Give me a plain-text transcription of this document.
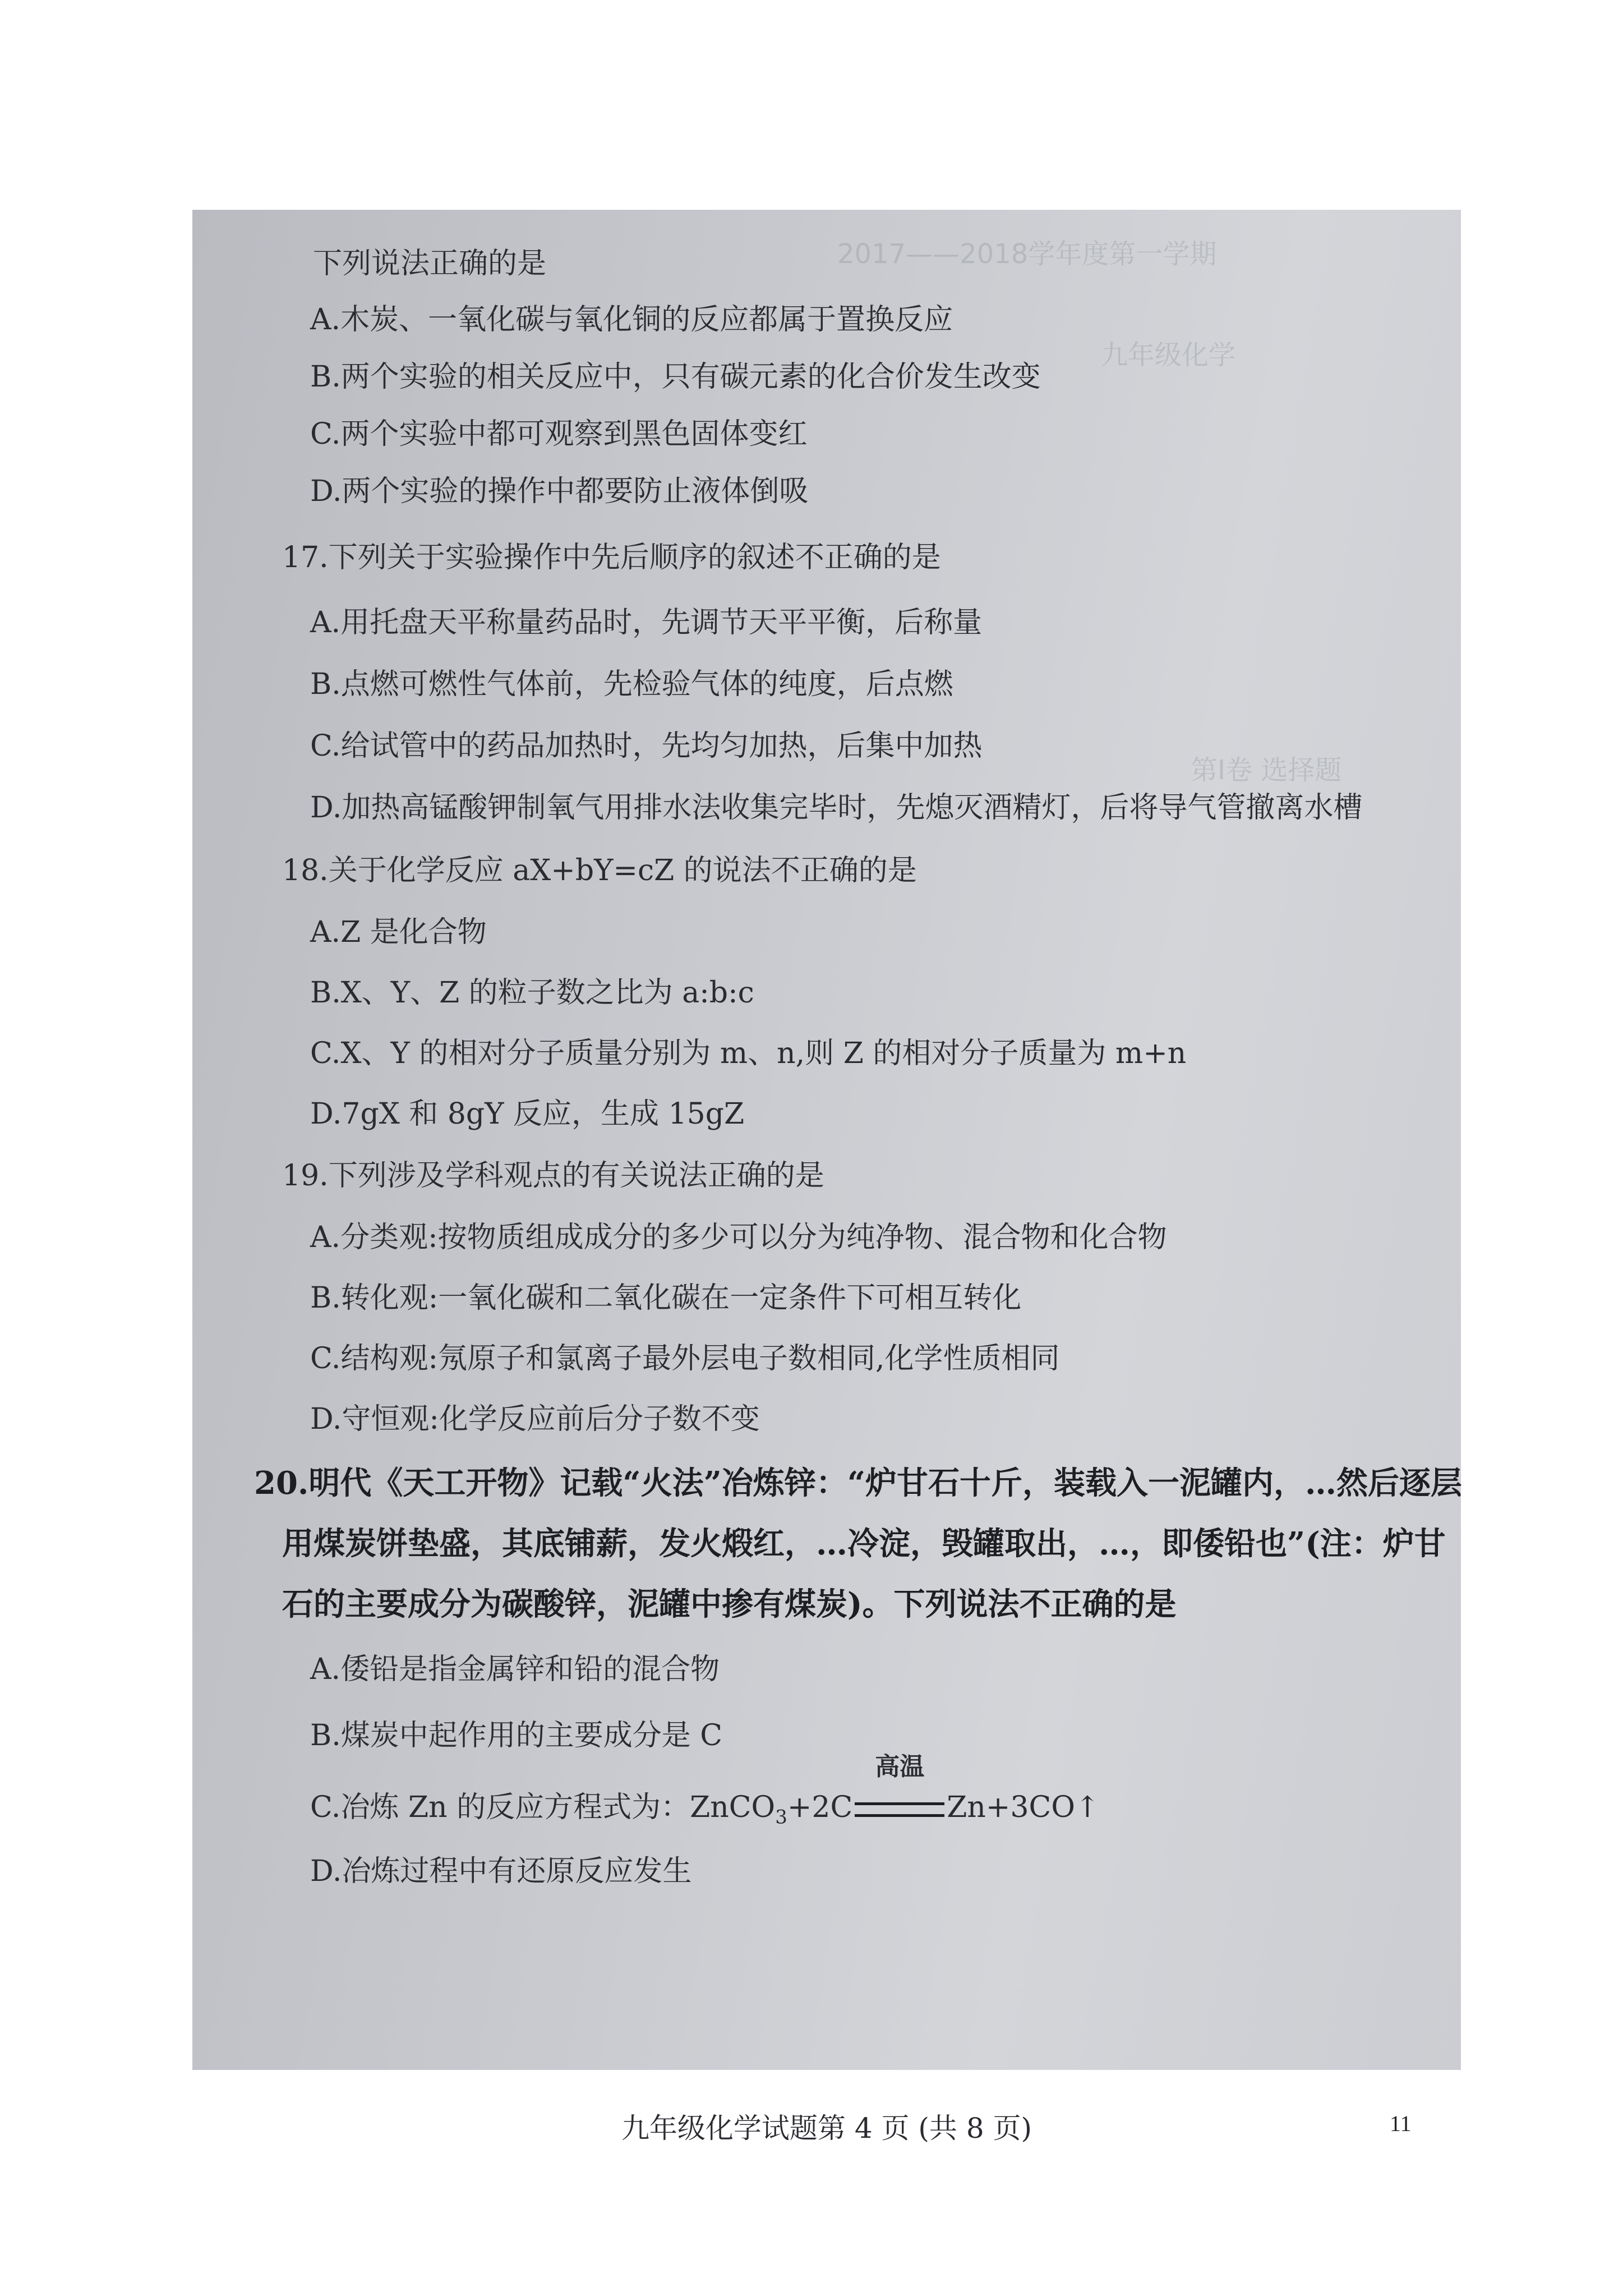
2017——2018学年度第一学期
九年级化学
第Ⅰ卷 选择题
下列说法正确的是
A.木炭、一氧化碳与氧化铜的反应都属于置换反应
B.两个实验的相关反应中，只有碳元素的化合价发生改变
C.两个实验中都可观察到黑色固体变红
D.两个实验的操作中都要防止液体倒吸
17.下列关于实验操作中先后顺序的叙述不正确的是
A.用托盘天平称量药品时，先调节天平平衡，后称量
B.点燃可燃性气体前，先检验气体的纯度，后点燃
C.给试管中的药品加热时，先均匀加热，后集中加热
D.加热高锰酸钾制氧气用排水法收集完毕时，先熄灭酒精灯，后将导气管撤离水槽
18.关于化学反应 aX+bY=cZ 的说法不正确的是
A.Z 是化合物
B.X、Y、Z 的粒子数之比为 a:b:c
C.X、Y 的相对分子质量分别为 m、n,则 Z 的相对分子质量为 m+n
D.7gX 和 8gY 反应，生成 15gZ
19.下列涉及学科观点的有关说法正确的是
A.分类观:按物质组成成分的多少可以分为纯净物、混合物和化合物
B.转化观:一氧化碳和二氧化碳在一定条件下可相互转化
C.结构观:氖原子和氯离子最外层电子数相同,化学性质相同
D.守恒观:化学反应前后分子数不变
20.明代《天工开物》记载“火法”冶炼锌：“炉甘石十斤，装载入一泥罐内，…然后逐层
用煤炭饼垫盛，其底铺薪，发火煅红，…冷淀，毁罐取出，…，即倭铅也”(注：炉甘
石的主要成分为碳酸锌，泥罐中掺有煤炭)。下列说法不正确的是
A.倭铅是指金属锌和铅的混合物
B.煤炭中起作用的主要成分是 C
C.冶炼 Zn 的反应方程式为：ZnCO$_3$+2C
高温
Zn+3CO↑
D.冶炼过程中有还原反应发生
九年级化学试题第 4 页 (共 8 页)	11
